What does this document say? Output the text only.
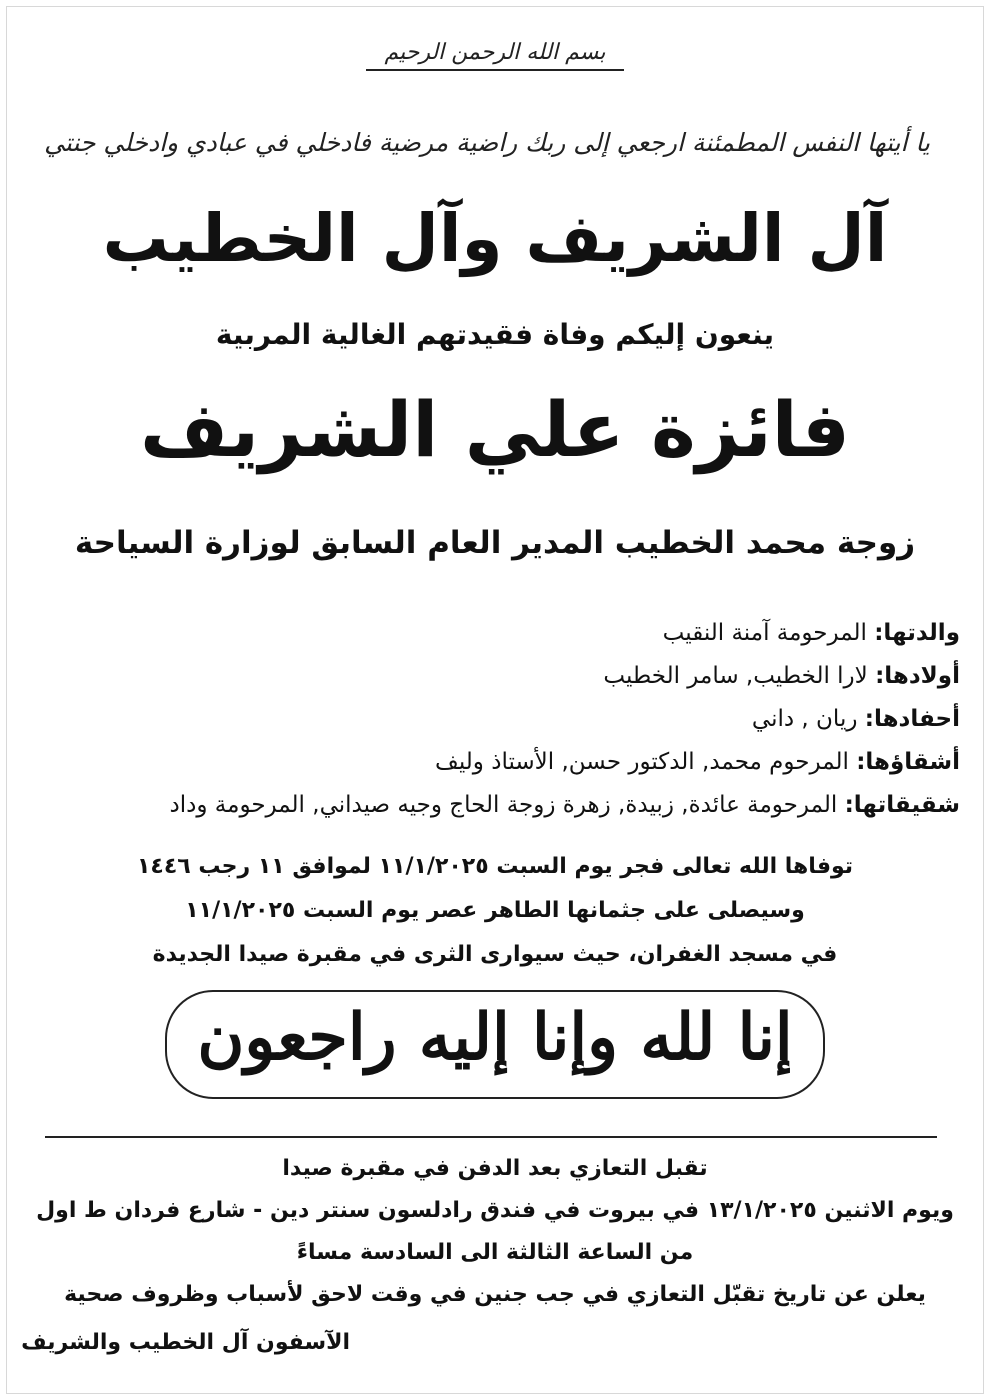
بسم الله الرحمن الرحيم
يا أيتها النفس المطمئنة ارجعي إلى ربك راضية مرضية فادخلي في عبادي وادخلي جنتي
آل الشريف وآل الخطيب
ينعون إليكم وفاة فقيدتهم الغالية المربية
فائزة علي الشريف
زوجة محمد الخطيب المدير العام السابق لوزارة السياحة
والدتها: المرحومة آمنة النقيب
أولادها: لارا الخطيب, سامر الخطيب
أحفادها: ريان , داني
أشقاؤها: المرحوم محمد, الدكتور حسن, الأستاذ وليف
شقيقاتها: المرحومة عائدة, زبيدة, زهرة زوجة الحاج وجيه صيداني, المرحومة وداد
توفاها الله تعالى فجر يوم السبت ١١/١/٢٠٢٥ لموافق ١١ رجب ١٤٤٦
وسيصلى على جثمانها الطاهر عصر يوم السبت ١١/١/٢٠٢٥
في مسجد الغفران، حيث سيوارى الثرى في مقبرة صيدا الجديدة
إنا لله وإنا إليه راجعون
تقبل التعازي بعد الدفن في مقبرة صيدا
ويوم الاثنين ١٣/١/٢٠٢٥ في بيروت في فندق رادلسون سنتر دين - شارع فردان ط اول
من الساعة الثالثة الى السادسة مساءً
يعلن عن تاريخ تقبّل التعازي في جب جنين في وقت لاحق لأسباب وظروف صحية
الآسفون آل الخطيب والشريف
